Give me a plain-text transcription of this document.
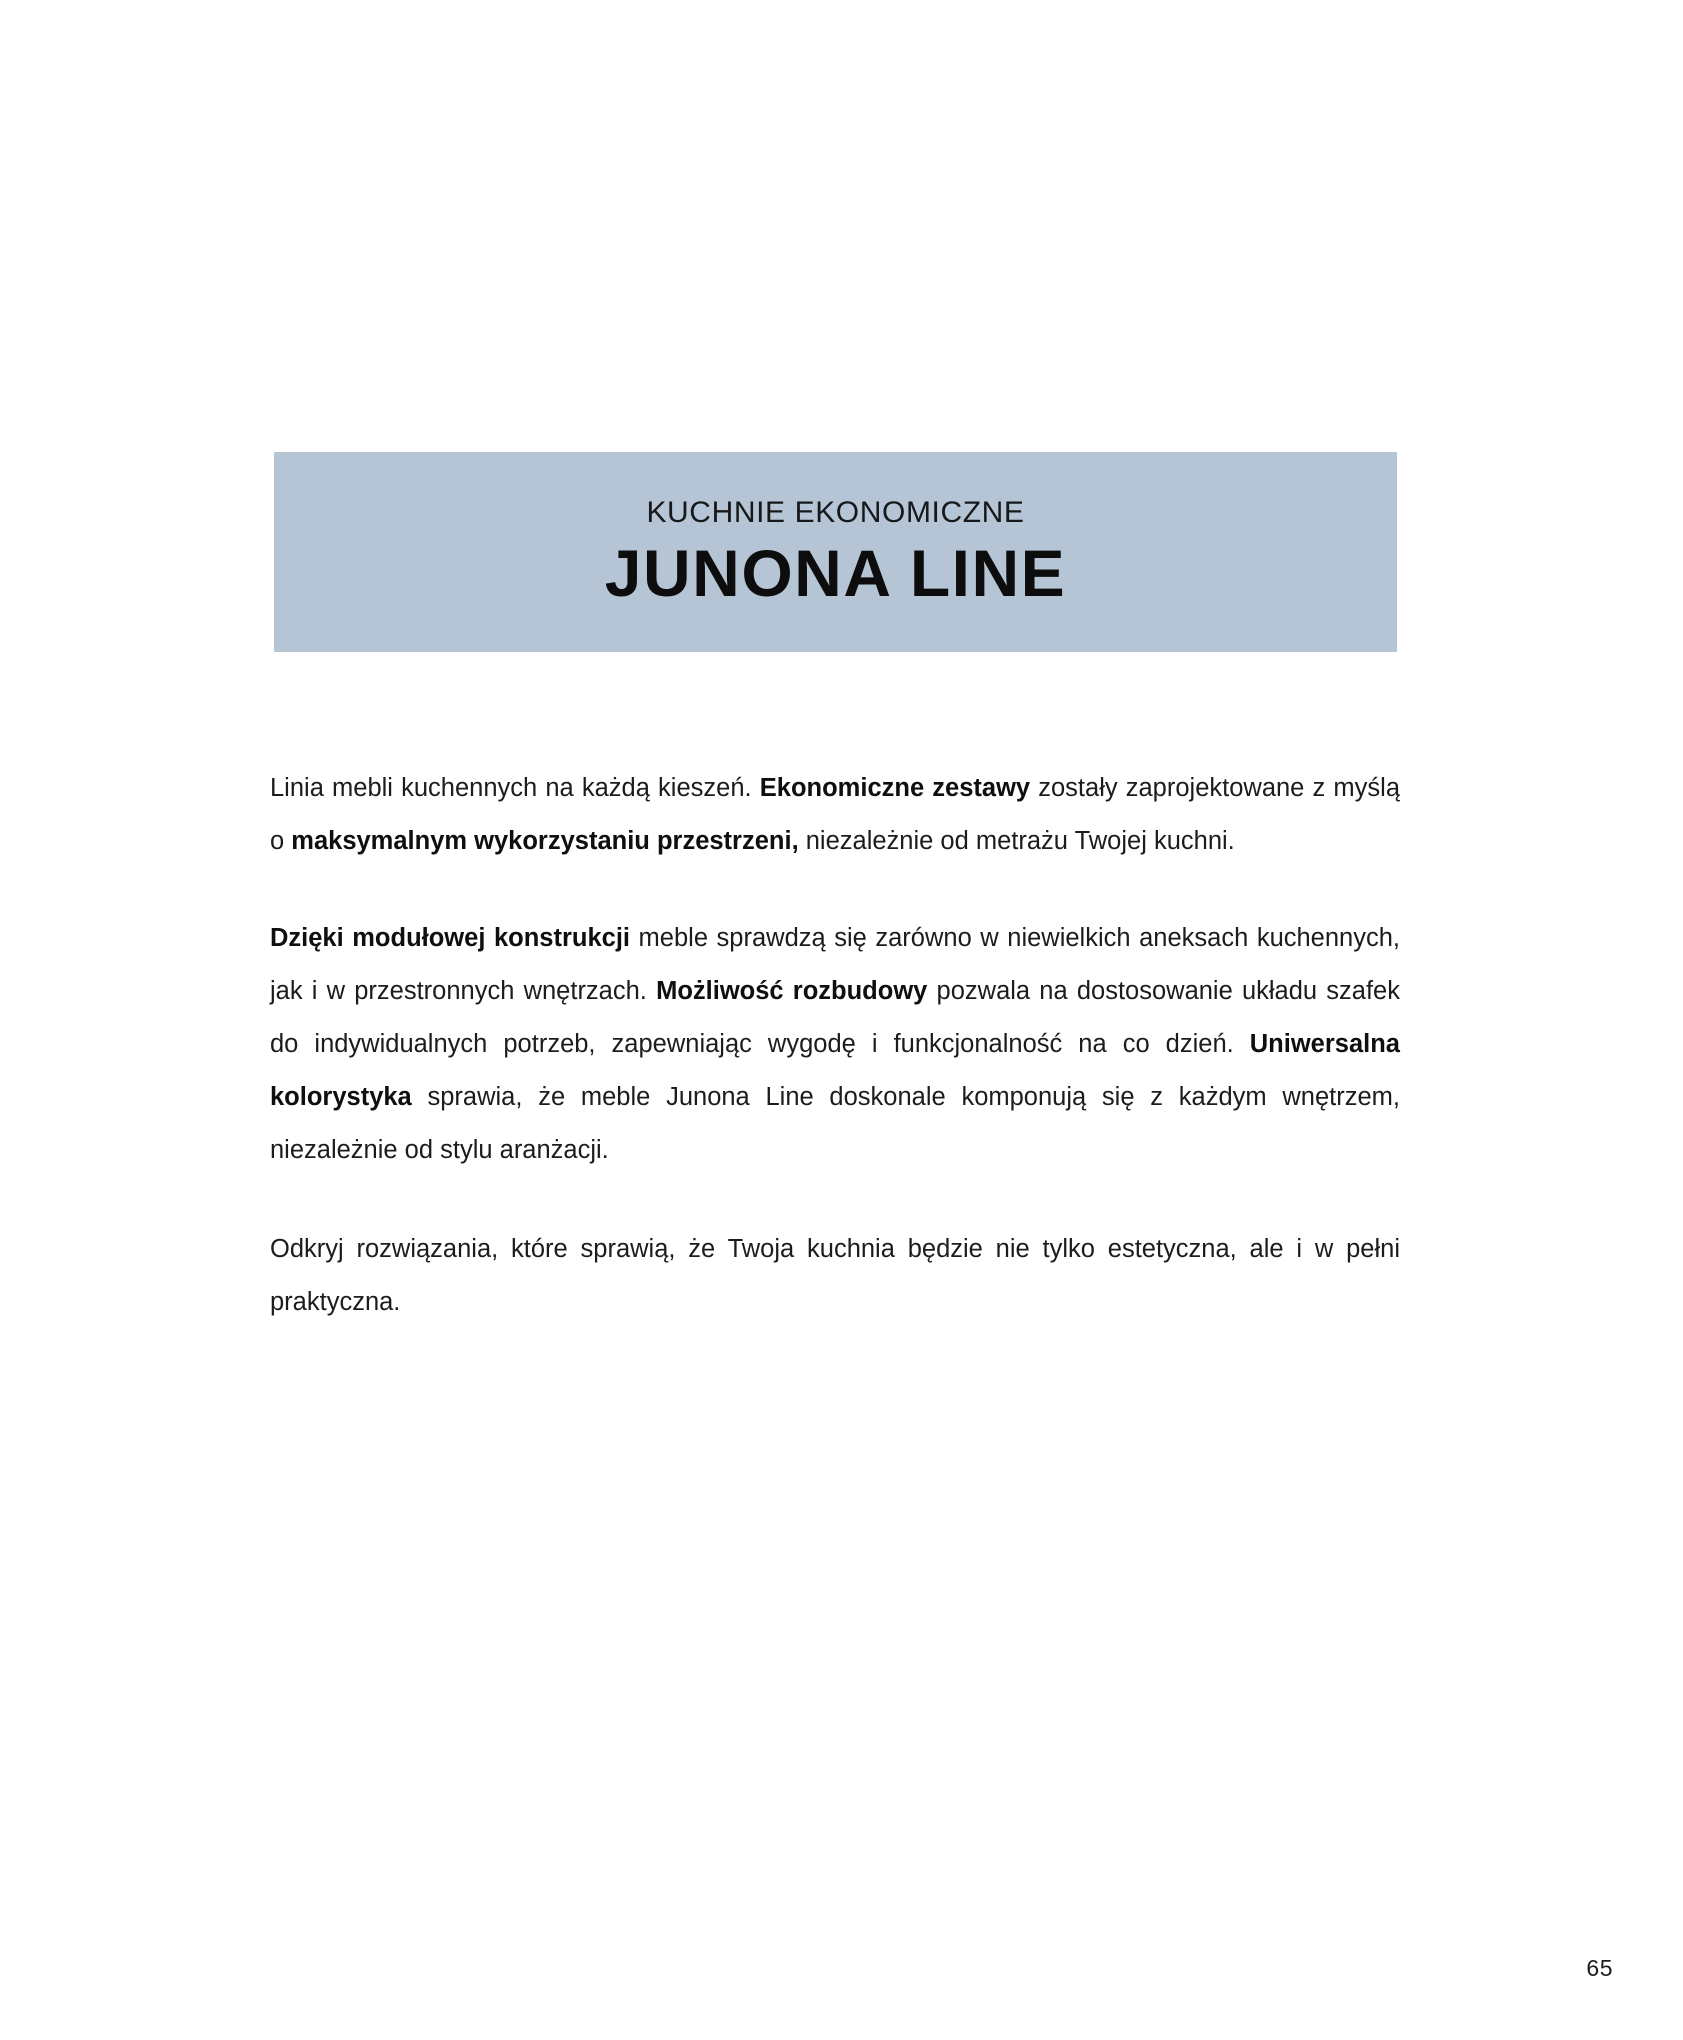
KUCHNIE EKONOMICZNE
JUNONA LINE

Linia mebli kuchennych na każdą kieszeń. Ekonomiczne zestawy zostały zaprojektowane z myślą o maksymalnym wykorzystaniu przestrzeni, niezależnie od metrażu Twojej kuchni.

Dzięki modułowej konstrukcji meble sprawdzą się zarówno w niewielkich aneksach kuchennych, jak i w przestronnych wnętrzach. Możliwość rozbudowy pozwala na dostosowanie układu szafek do indywidualnych potrzeb, zapewniając wygodę i funkcjonalność na co dzień. Uniwersalna kolorystyka sprawia, że meble Junona Line doskonale komponują się z każdym wnętrzem, niezależnie od stylu aranżacji.

Odkryj rozwiązania, które sprawią, że Twoja kuchnia będzie nie tylko estetyczna, ale i w pełni praktyczna.

65
